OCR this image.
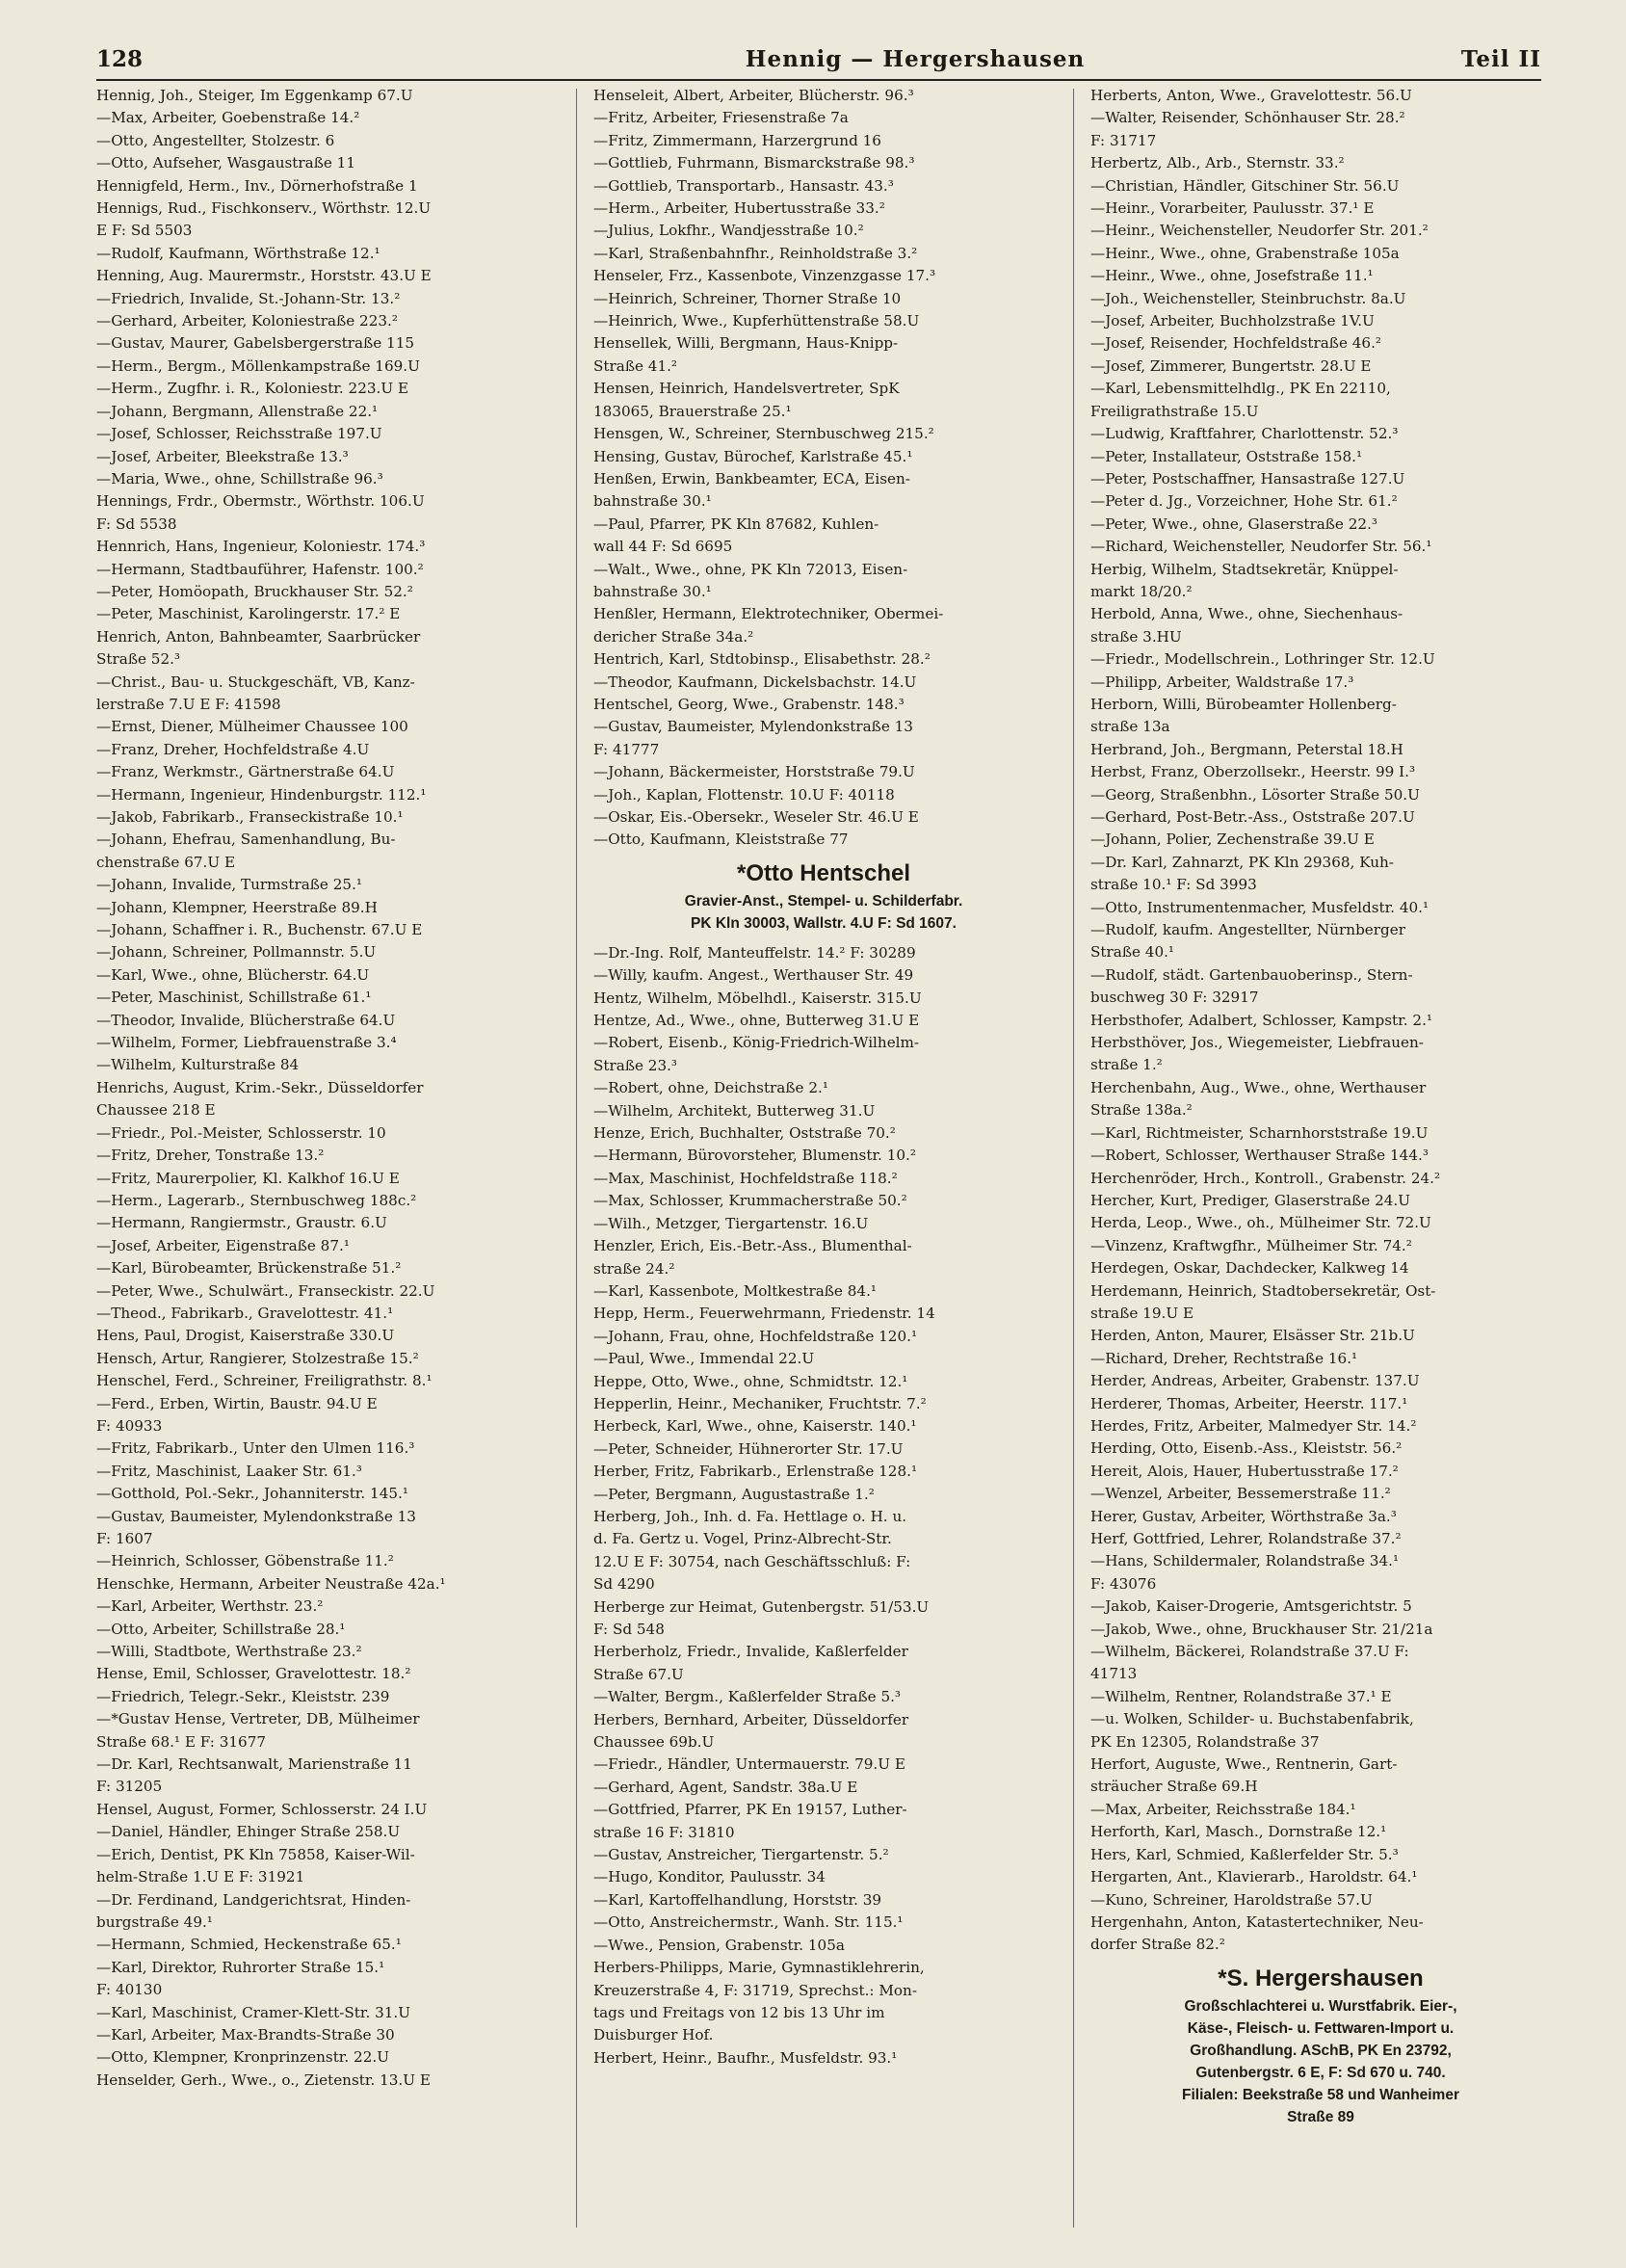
128	Hennig — Hergershausen	Teil II
Hennig, Joh., Steiger, Im Eggenkamp 67.U
—Max, Arbeiter, Goebenstraße 14.²
—Otto, Angestellter, Stolzestr. 6
—Otto, Aufseher, Wasgaustraße 11
Hennigfeld, Herm., Inv., Dörnerhofstraße 1
Hennigs, Rud., Fischkonserv., Wörthstr. 12.U
E F: Sd 5503
—Rudolf, Kaufmann, Wörthstraße 12.¹
Henning, Aug. Maurermstr., Horststr. 43.U E
—Friedrich, Invalide, St.-Johann-Str. 13.²
—Gerhard, Arbeiter, Koloniestraße 223.²
—Gustav, Maurer, Gabelsbergerstraße 115
—Herm., Bergm., Möllenkampstraße 169.U
—Herm., Zugfhr. i. R., Koloniestr. 223.U E
—Johann, Bergmann, Allenstraße 22.¹
—Josef, Schlosser, Reichsstraße 197.U
—Josef, Arbeiter, Bleekstraße 13.³
—Maria, Wwe., ohne, Schillstraße 96.³
Hennings, Frdr., Obermstr., Wörthstr. 106.U
F: Sd 5538
Hennrich, Hans, Ingenieur, Koloniestr. 174.³
—Hermann, Stadtbauführer, Hafenstr. 100.²
—Peter, Homöopath, Bruckhauser Str. 52.²
—Peter, Maschinist, Karolingerstr. 17.² E
Henrich, Anton, Bahnbeamter, Saarbrücker
Straße 52.³
—Christ., Bau- u. Stuckgeschäft, VB, Kanz-
lerstraße 7.U E F: 41598
—Ernst, Diener, Mülheimer Chaussee 100
—Franz, Dreher, Hochfeldstraße 4.U
—Franz, Werkmstr., Gärtnerstraße 64.U
—Hermann, Ingenieur, Hindenburgstr. 112.¹
—Jakob, Fabrikarb., Franseckistraße 10.¹
—Johann, Ehefrau, Samenhandlung, Bu-
chenstraße 67.U E
—Johann, Invalide, Turmstraße 25.¹
—Johann, Klempner, Heerstraße 89.H
—Johann, Schaffner i. R., Buchenstr. 67.U E
—Johann, Schreiner, Pollmannstr. 5.U
—Karl, Wwe., ohne, Blücherstr. 64.U
—Peter, Maschinist, Schillstraße 61.¹
—Theodor, Invalide, Blücherstraße 64.U
—Wilhelm, Former, Liebfrauenstraße 3.⁴
—Wilhelm, Kulturstraße 84
Henrichs, August, Krim.-Sekr., Düsseldorfer
Chaussee 218 E
—Friedr., Pol.-Meister, Schlosserstr. 10
—Fritz, Dreher, Tonstraße 13.²
—Fritz, Maurerpolier, Kl. Kalkhof 16.U E
—Herm., Lagerarb., Sternbuschweg 188c.²
—Hermann, Rangiermstr., Graustr. 6.U
—Josef, Arbeiter, Eigenstraße 87.¹
—Karl, Bürobeamter, Brückenstraße 51.²
—Peter, Wwe., Schulwärt., Franseckistr. 22.U
—Theod., Fabrikarb., Gravelottestr. 41.¹
Hens, Paul, Drogist, Kaiserstraße 330.U
Hensch, Artur, Rangierer, Stolzestraße 15.²
Henschel, Ferd., Schreiner, Freiligrathstr. 8.¹
—Ferd., Erben, Wirtin, Baustr. 94.U E
F: 40933
—Fritz, Fabrikarb., Unter den Ulmen 116.³
—Fritz, Maschinist, Laaker Str. 61.³
—Gotthold, Pol.-Sekr., Johanniterstr. 145.¹
—Gustav, Baumeister, Mylendonkstraße 13
F: 1607
—Heinrich, Schlosser, Göbenstraße 11.²
Henschke, Hermann, Arbeiter Neustraße 42a.¹
—Karl, Arbeiter, Werthstr. 23.²
—Otto, Arbeiter, Schillstraße 28.¹
—Willi, Stadtbote, Werthstraße 23.²
Hense, Emil, Schlosser, Gravelottestr. 18.²
—Friedrich, Telegr.-Sekr., Kleiststr. 239
—*Gustav Hense, Vertreter, DB, Mülheimer
Straße 68.¹ E F: 31677
—Dr. Karl, Rechtsanwalt, Marienstraße 11
F: 31205
Hensel, August, Former, Schlosserstr. 24 I.U
—Daniel, Händler, Ehinger Straße 258.U
—Erich, Dentist, PK Kln 75858, Kaiser-Wil-
helm-Straße 1.U E F: 31921
—Dr. Ferdinand, Landgerichtsrat, Hinden-
burgstraße 49.¹
—Hermann, Schmied, Heckenstraße 65.¹
—Karl, Direktor, Ruhrorter Straße 15.¹
F: 40130
—Karl, Maschinist, Cramer-Klett-Str. 31.U
—Karl, Arbeiter, Max-Brandts-Straße 30
—Otto, Klempner, Kronprinzenstr. 22.U
Henselder, Gerh., Wwe., o., Zietenstr. 13.U E
Henseleit, Albert, Arbeiter, Blücherstr. 96.³
—Fritz, Arbeiter, Friesenstraße 7a
—Fritz, Zimmermann, Harzergrund 16
—Gottlieb, Fuhrmann, Bismarckstraße 98.³
—Gottlieb, Transportarb., Hansastr. 43.³
—Herm., Arbeiter, Hubertusstraße 33.²
—Julius, Lokfhr., Wandjesstraße 10.²
—Karl, Straßenbahnfhr., Reinholdstraße 3.²
Henseler, Frz., Kassenbote, Vinzenzgasse 17.³
—Heinrich, Schreiner, Thorner Straße 10
—Heinrich, Wwe., Kupferhüttenstraße 58.U
Hensellek, Willi, Bergmann, Haus-Knipp-
Straße 41.²
Hensen, Heinrich, Handelsvertreter, SpK
183065, Brauerstraße 25.¹
Hensgen, W., Schreiner, Sternbuschweg 215.²
Hensing, Gustav, Bürochef, Karlstraße 45.¹
Henßen, Erwin, Bankbeamter, ECA, Eisen-
bahnstraße 30.¹
—Paul, Pfarrer, PK Kln 87682, Kuhlen-
wall 44 F: Sd 6695
—Walt., Wwe., ohne, PK Kln 72013, Eisen-
bahnstraße 30.¹
Henßler, Hermann, Elektrotechniker, Obermei-
dericher Straße 34a.²
Hentrich, Karl, Stdtobinsp., Elisabethstr. 28.²
—Theodor, Kaufmann, Dickelsbachstr. 14.U
Hentschel, Georg, Wwe., Grabenstr. 148.³
—Gustav, Baumeister, Mylendonkstraße 13
F: 41777
—Johann, Bäckermeister, Horststraße 79.U
—Joh., Kaplan, Flottenstr. 10.U F: 40118
—Oskar, Eis.-Obersekr., Weseler Str. 46.U E
—Otto, Kaufmann, Kleiststraße 77
*Otto Hentschel
Gravier-Anst., Stempel- u. Schilderfabr.
PK Kln 30003, Wallstr. 4.U F: Sd 1607.
—Dr.-Ing. Rolf, Manteuffelstr. 14.² F: 30289
—Willy, kaufm. Angest., Werthauser Str. 49
Hentz, Wilhelm, Möbelhdl., Kaiserstr. 315.U
Hentze, Ad., Wwe., ohne, Butterweg 31.U E
—Robert, Eisenb., König-Friedrich-Wilhelm-
Straße 23.³
—Robert, ohne, Deichstraße 2.¹
—Wilhelm, Architekt, Butterweg 31.U
Henze, Erich, Buchhalter, Oststraße 70.²
—Hermann, Bürovorsteher, Blumenstr. 10.²
—Max, Maschinist, Hochfeldstraße 118.²
—Max, Schlosser, Krummacherstraße 50.²
—Wilh., Metzger, Tiergartenstr. 16.U
Henzler, Erich, Eis.-Betr.-Ass., Blumenthal-
straße 24.²
—Karl, Kassenbote, Moltkestraße 84.¹
Hepp, Herm., Feuerwehrmann, Friedenstr. 14
—Johann, Frau, ohne, Hochfeldstraße 120.¹
—Paul, Wwe., Immendal 22.U
Heppe, Otto, Wwe., ohne, Schmidtstr. 12.¹
Hepperlin, Heinr., Mechaniker, Fruchtstr. 7.²
Herbeck, Karl, Wwe., ohne, Kaiserstr. 140.¹
—Peter, Schneider, Hühnerorter Str. 17.U
Herber, Fritz, Fabrikarb., Erlenstraße 128.¹
—Peter, Bergmann, Augustastraße 1.²
Herberg, Joh., Inh. d. Fa. Hettlage o. H. u.
d. Fa. Gertz u. Vogel, Prinz-Albrecht-Str.
12.U E F: 30754, nach Geschäftsschluß: F:
Sd 4290
Herberge zur Heimat, Gutenbergstr. 51/53.U
F: Sd 548
Herberholz, Friedr., Invalide, Kaßlerfelder
Straße 67.U
—Walter, Bergm., Kaßlerfelder Straße 5.³
Herbers, Bernhard, Arbeiter, Düsseldorfer
Chaussee 69b.U
—Friedr., Händler, Untermauerstr. 79.U E
—Gerhard, Agent, Sandstr. 38a.U E
—Gottfried, Pfarrer, PK En 19157, Luther-
straße 16 F: 31810
—Gustav, Anstreicher, Tiergartenstr. 5.²
—Hugo, Konditor, Paulusstr. 34
—Karl, Kartoffelhandlung, Horststr. 39
—Otto, Anstreichermstr., Wanh. Str. 115.¹
—Wwe., Pension, Grabenstr. 105a
Herbers-Philipps, Marie, Gymnastiklehrerin,
Kreuzerstraße 4, F: 31719, Sprechst.: Mon-
tags und Freitags von 12 bis 13 Uhr im
Duisburger Hof.
Herbert, Heinr., Baufhr., Musfeldstr. 93.¹
Herberts, Anton, Wwe., Gravelottestr. 56.U
—Walter, Reisender, Schönhauser Str. 28.²
F: 31717
Herbertz, Alb., Arb., Sternstr. 33.²
—Christian, Händler, Gitschiner Str. 56.U
—Heinr., Vorarbeiter, Paulusstr. 37.¹ E
—Heinr., Weichensteller, Neudorfer Str. 201.²
—Heinr., Wwe., ohne, Grabenstraße 105a
—Heinr., Wwe., ohne, Josefstraße 11.¹
—Joh., Weichensteller, Steinbruchstr. 8a.U
—Josef, Arbeiter, Buchholzstraße 1V.U
—Josef, Reisender, Hochfeldstraße 46.²
—Josef, Zimmerer, Bungertstr. 28.U E
—Karl, Lebensmittelhdlg., PK En 22110,
Freiligrathstraße 15.U
—Ludwig, Kraftfahrer, Charlottenstr. 52.³
—Peter, Installateur, Oststraße 158.¹
—Peter, Postschaffner, Hansastraße 127.U
—Peter d. Jg., Vorzeichner, Hohe Str. 61.²
—Peter, Wwe., ohne, Glaserstraße 22.³
—Richard, Weichensteller, Neudorfer Str. 56.¹
Herbig, Wilhelm, Stadtsekretär, Knüppel-
markt 18/20.²
Herbold, Anna, Wwe., ohne, Siechenhaus-
straße 3.HU
—Friedr., Modellschrein., Lothringer Str. 12.U
—Philipp, Arbeiter, Waldstraße 17.³
Herborn, Willi, Bürobeamter Hollenberg-
straße 13a
Herbrand, Joh., Bergmann, Peterstal 18.H
Herbst, Franz, Oberzollsekr., Heerstr. 99 I.³
—Georg, Straßenbhn., Lösorter Straße 50.U
—Gerhard, Post-Betr.-Ass., Oststraße 207.U
—Johann, Polier, Zechenstraße 39.U E
—Dr. Karl, Zahnarzt, PK Kln 29368, Kuh-
straße 10.¹ F: Sd 3993
—Otto, Instrumentenmacher, Musfeldstr. 40.¹
—Rudolf, kaufm. Angestellter, Nürnberger
Straße 40.¹
—Rudolf, städt. Gartenbauoberinsp., Stern-
buschweg 30 F: 32917
Herbsthofer, Adalbert, Schlosser, Kampstr. 2.¹
Herbsthöver, Jos., Wiegemeister, Liebfrauen-
straße 1.²
Herchenbahn, Aug., Wwe., ohne, Werthauser
Straße 138a.²
—Karl, Richtmeister, Scharnhorststraße 19.U
—Robert, Schlosser, Werthauser Straße 144.³
Herchenröder, Hrch., Kontroll., Grabenstr. 24.²
Hercher, Kurt, Prediger, Glaserstraße 24.U
Herda, Leop., Wwe., oh., Mülheimer Str. 72.U
—Vinzenz, Kraftwgfhr., Mülheimer Str. 74.²
Herdegen, Oskar, Dachdecker, Kalkweg 14
Herdemann, Heinrich, Stadtobersekretär, Ost-
straße 19.U E
Herden, Anton, Maurer, Elsässer Str. 21b.U
—Richard, Dreher, Rechtstraße 16.¹
Herder, Andreas, Arbeiter, Grabenstr. 137.U
Herderer, Thomas, Arbeiter, Heerstr. 117.¹
Herdes, Fritz, Arbeiter, Malmedyer Str. 14.²
Herding, Otto, Eisenb.-Ass., Kleiststr. 56.²
Hereit, Alois, Hauer, Hubertusstraße 17.²
—Wenzel, Arbeiter, Bessemerstraße 11.²
Herer, Gustav, Arbeiter, Wörthstraße 3a.³
Herf, Gottfried, Lehrer, Rolandstraße 37.²
—Hans, Schildermaler, Rolandstraße 34.¹
F: 43076
—Jakob, Kaiser-Drogerie, Amtsgerichtstr. 5
—Jakob, Wwe., ohne, Bruckhauser Str. 21/21a
—Wilhelm, Bäckerei, Rolandstraße 37.U F:
41713
—Wilhelm, Rentner, Rolandstraße 37.¹ E
—u. Wolken, Schilder- u. Buchstabenfabrik,
PK En 12305, Rolandstraße 37
Herfort, Auguste, Wwe., Rentnerin, Gart-
sträucher Straße 69.H
—Max, Arbeiter, Reichsstraße 184.¹
Herforth, Karl, Masch., Dornstraße 12.¹
Hers, Karl, Schmied, Kaßlerfelder Str. 5.³
Hergarten, Ant., Klavierarb., Haroldstr. 64.¹
—Kuno, Schreiner, Haroldstraße 57.U
Hergenhahn, Anton, Katastertechniker, Neu-
dorfer Straße 82.²
*S. Hergershausen
Großschlachterei u. Wurstfabrik. Eier-,
Käse-, Fleisch- u. Fettwaren-Import u.
Großhandlung. ASchB, PK En 23792,
Gutenbergstr. 6 E, F: Sd 670 u. 740.
Filialen: Beekstraße 58 und Wanheimer
Straße 89
